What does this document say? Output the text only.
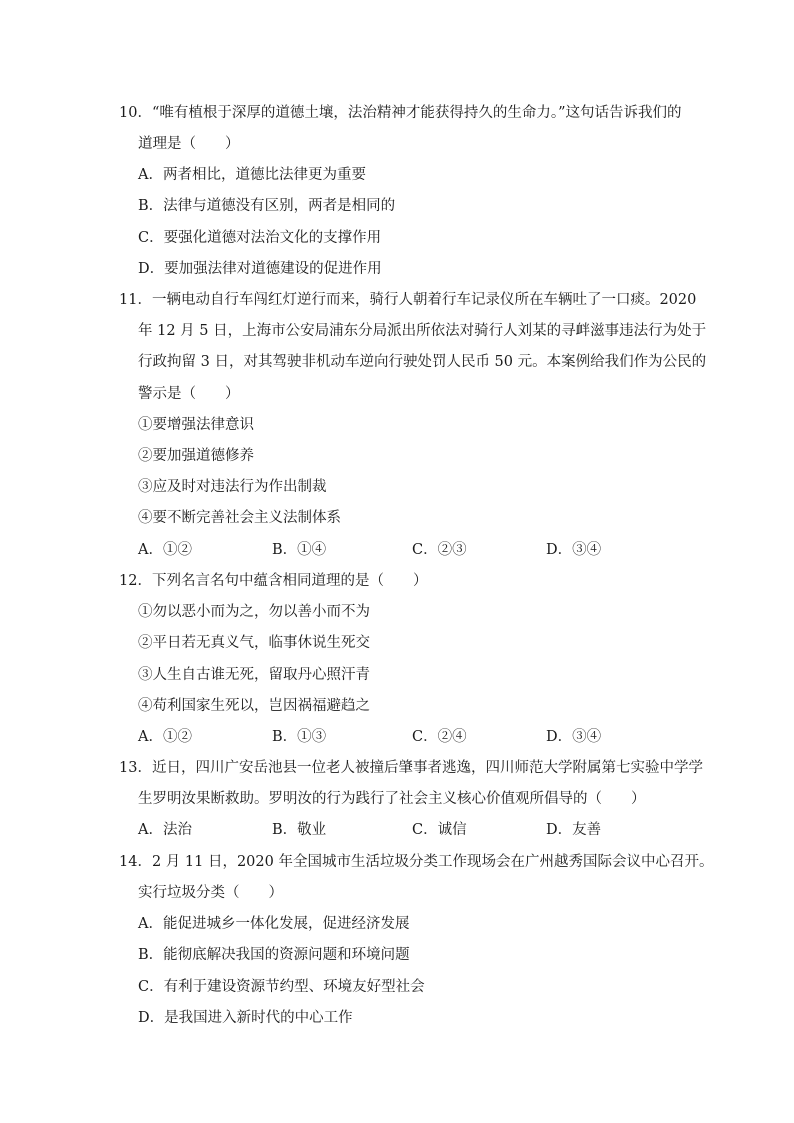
10．“唯有植根于深厚的道德土壤，法治精神才能获得持久的生命力。”这句话告诉我们的
道理是（　　）
A．两者相比，道德比法律更为重要
B．法律与道德没有区别，两者是相同的
C．要强化道德对法治文化的支撑作用
D．要加强法律对道德建设的促进作用
11．一辆电动自行车闯红灯逆行而来，骑行人朝着行车记录仪所在车辆吐了一口痰。2020
年 12 月 5 日，上海市公安局浦东分局派出所依法对骑行人刘某的寻衅滋事违法行为处于
行政拘留 3 日，对其驾驶非机动车逆向行驶处罚人民币 50 元。本案例给我们作为公民的
警示是（　　）
①要增强法律意识
②要加强道德修养
③应及时对违法行为作出制裁
④要不断完善社会主义法制体系
A．①②	B．①④	C．②③	D．③④
12．下列名言名句中蕴含相同道理的是（　　）
①勿以恶小而为之，勿以善小而不为
②平日若无真义气，临事休说生死交
③人生自古谁无死，留取丹心照汗青
④苟利国家生死以，岂因祸福避趋之
A．①②	B．①③	C．②④	D．③④
13．近日，四川广安岳池县一位老人被撞后肇事者逃逸，四川师范大学附属第七实验中学学
生罗明汝果断救助。罗明汝的行为践行了社会主义核心价值观所倡导的（　　）
A．法治	B．敬业	C．诚信	D．友善
14．2 月 11 日，2020 年全国城市生活垃圾分类工作现场会在广州越秀国际会议中心召开。
实行垃圾分类（　　）
A．能促进城乡一体化发展，促进经济发展
B．能彻底解决我国的资源问题和环境问题
C．有利于建设资源节约型、环境友好型社会
D．是我国进入新时代的中心工作
